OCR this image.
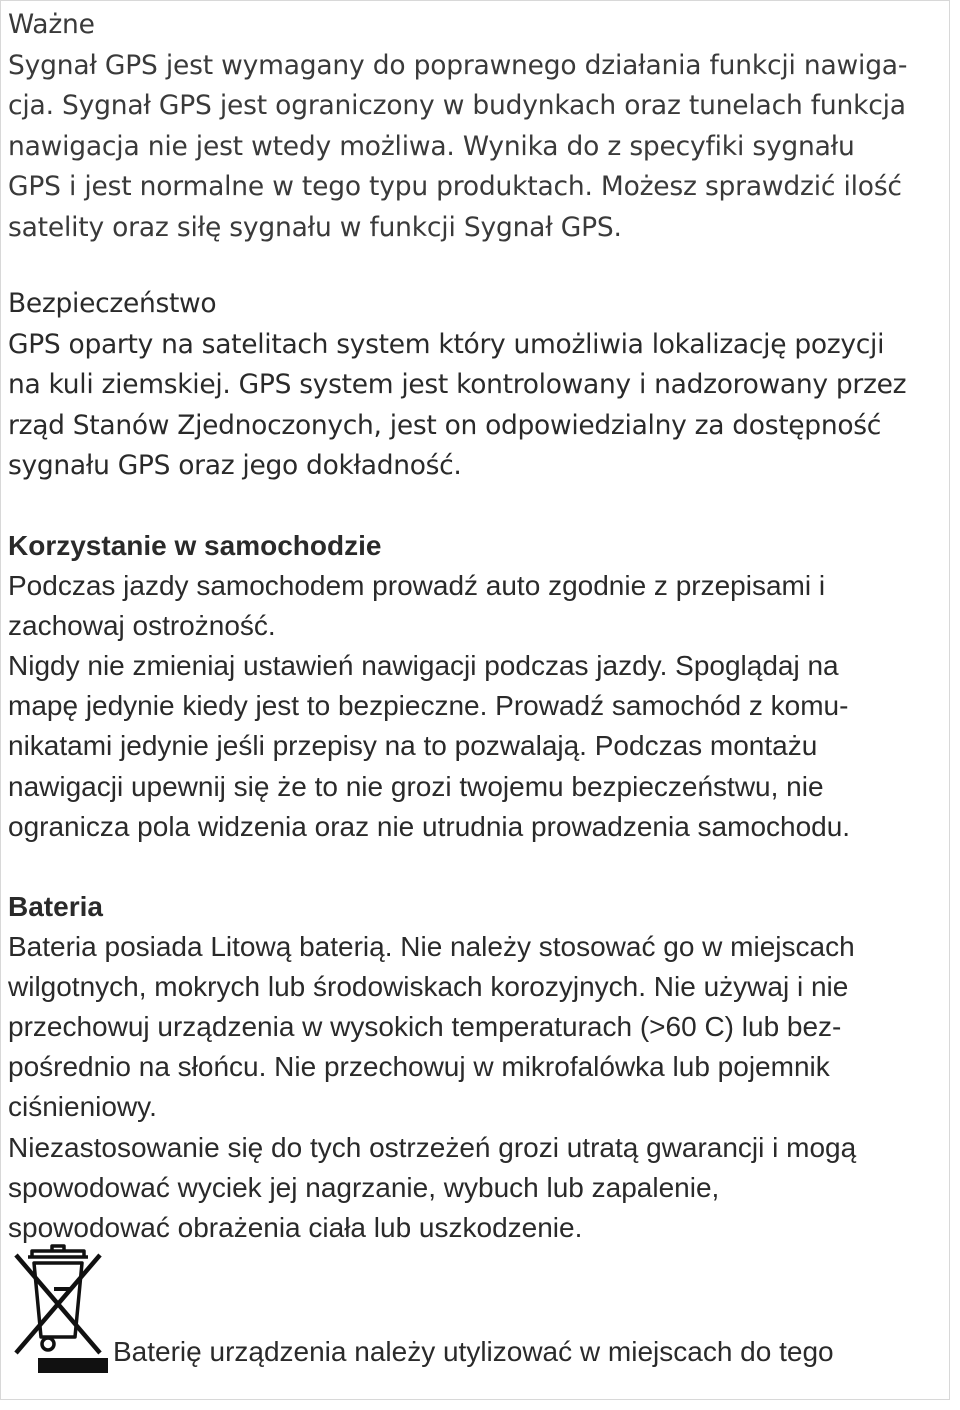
Ważne
Sygnał GPS jest wymagany do poprawnego działania funkcji nawiga-
cja. Sygnał GPS jest ograniczony w budynkach oraz tunelach funkcja
nawigacja nie jest wtedy możliwa. Wynika do z specyfiki sygnału
GPS i jest normalne w tego typu produktach. Możesz sprawdzić ilość
satelity oraz siłę sygnału w funkcji Sygnał GPS.
Bezpieczeństwo
GPS oparty na satelitach system który umożliwia lokalizację pozycji
na kuli ziemskiej. GPS system jest kontrolowany i nadzorowany przez
rząd Stanów Zjednoczonych, jest on odpowiedzialny za dostępność
sygnału GPS oraz jego dokładność.
Korzystanie w samochodzie
Podczas jazdy samochodem prowadź auto zgodnie z przepisami i
zachowaj ostrożność.
Nigdy nie zmieniaj ustawień nawigacji podczas jazdy. Spoglądaj na
mapę jedynie kiedy jest to bezpieczne. Prowadź samochód z komu-
nikatami jedynie jeśli przepisy na to pozwalają. Podczas montażu
nawigacji upewnij się że to nie grozi twojemu bezpieczeństwu, nie
ogranicza pola widzenia oraz nie utrudnia prowadzenia samochodu.
Bateria
Bateria posiada Litową baterią. Nie należy stosować go w miejscach
wilgotnych, mokrych lub środowiskach korozyjnych. Nie używaj i nie
przechowuj urządzenia w wysokich temperaturach (>60 C) lub bez-
pośrednio na słońcu. Nie przechowuj w mikrofalówka lub pojemnik
ciśnieniowy.
Niezastosowanie się do tych ostrzeżeń grozi utratą gwarancji i mogą
spowodować wyciek jej nagrzanie, wybuch lub zapalenie,
spowodować obrażenia ciała lub uszkodzenie.
Baterię urządzenia należy utylizować w miejscach do tego
